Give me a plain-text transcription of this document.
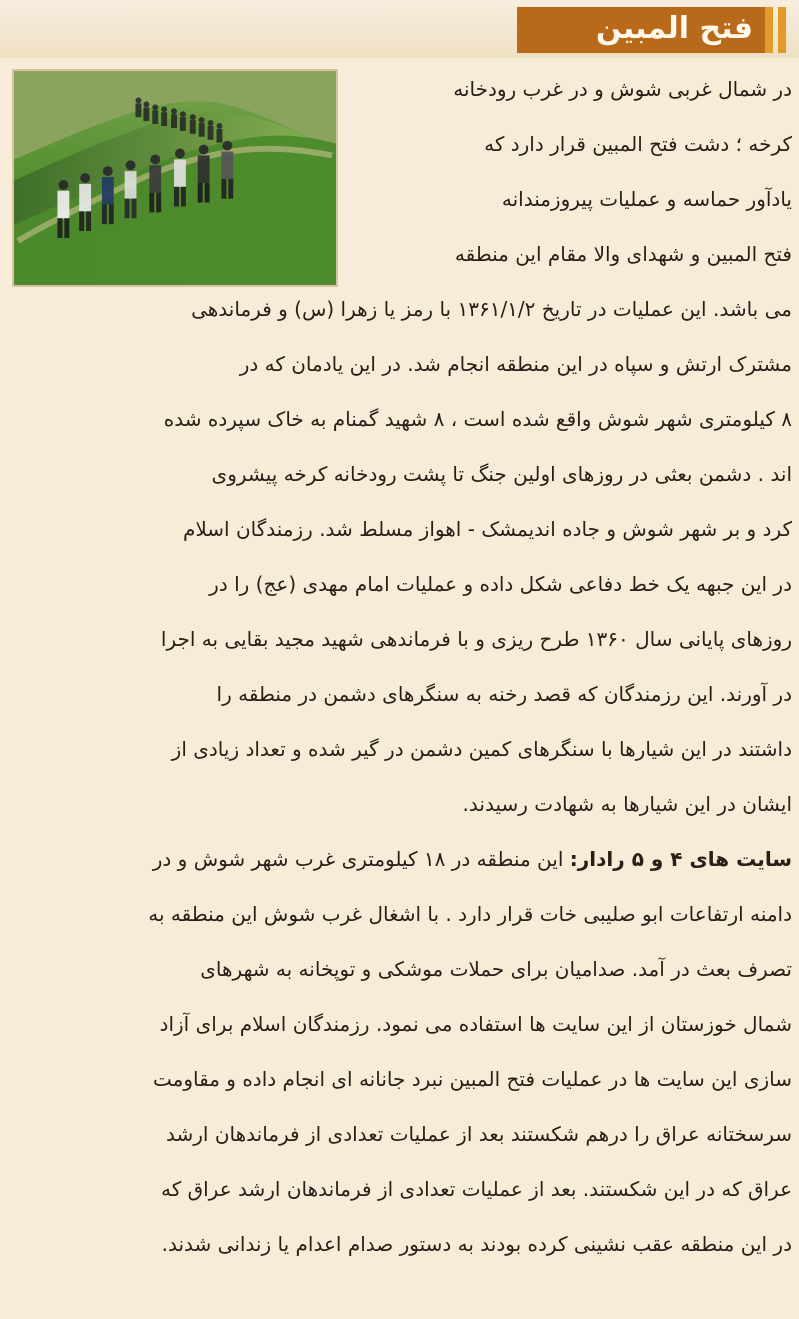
فتح المبین
در شمال غربی شوش و در غرب رودخانه
کرخه ؛ دشت فتح المبین قرار دارد که
یادآور حماسه و عملیات پیروزمندانه
فتح المبین و شهدای والا مقام این منطقه
می باشد. این عملیات در تاریخ ۱۳۶۱/۱/۲ با رمز یا زهرا (س) و فرماندهی
مشترک ارتش و سپاه در این منطقه انجام شد. در این یادمان که در
۸ کیلومتری شهر شوش واقع شده است ، ۸ شهید گمنام به خاک سپرده شده
اند . دشمن بعثی در روزهای اولین جنگ تا پشت رودخانه کرخه پیشروی
کرد و بر شهر شوش و جاده اندیمشک - اهواز مسلط شد. رزمندگان اسلام
در این جبهه یک خط دفاعی شکل داده و عملیات امام مهدی (عج) را در
روزهای پایانی سال ۱۳۶۰ طرح ریزی و با فرماندهی شهید مجید بقایی به اجرا
در آورند. این رزمندگان که قصد رخنه به سنگرهای دشمن در منطقه را
داشتند در این شیارها با سنگرهای کمین دشمن در گیر شده و تعداد زیادی از
ایشان در این شیارها به شهادت رسیدند.
سایت های ۴ و ۵ رادار: این منطقه در ۱۸ کیلومتری غرب شهر شوش و در
دامنه ارتفاعات ابو صلیبی خات قرار دارد . با اشغال غرب شوش این منطقه به
تصرف بعث در آمد. صدامیان برای حملات موشکی و توپخانه به شهرهای
شمال خوزستان از این سایت ها استفاده می نمود. رزمندگان اسلام برای آزاد
سازی این سایت ها در عملیات فتح المبین نبرد جانانه ای انجام داده و مقاومت
سرسختانه عراق را درهم شکستند بعد از عملیات تعدادی از فرماندهان ارشد
عراق که در این شکستند. بعد از عملیات تعدادی از فرماندهان ارشد عراق که
در این منطقه عقب نشینی کرده بودند به دستور صدام اعدام یا زندانی شدند.
